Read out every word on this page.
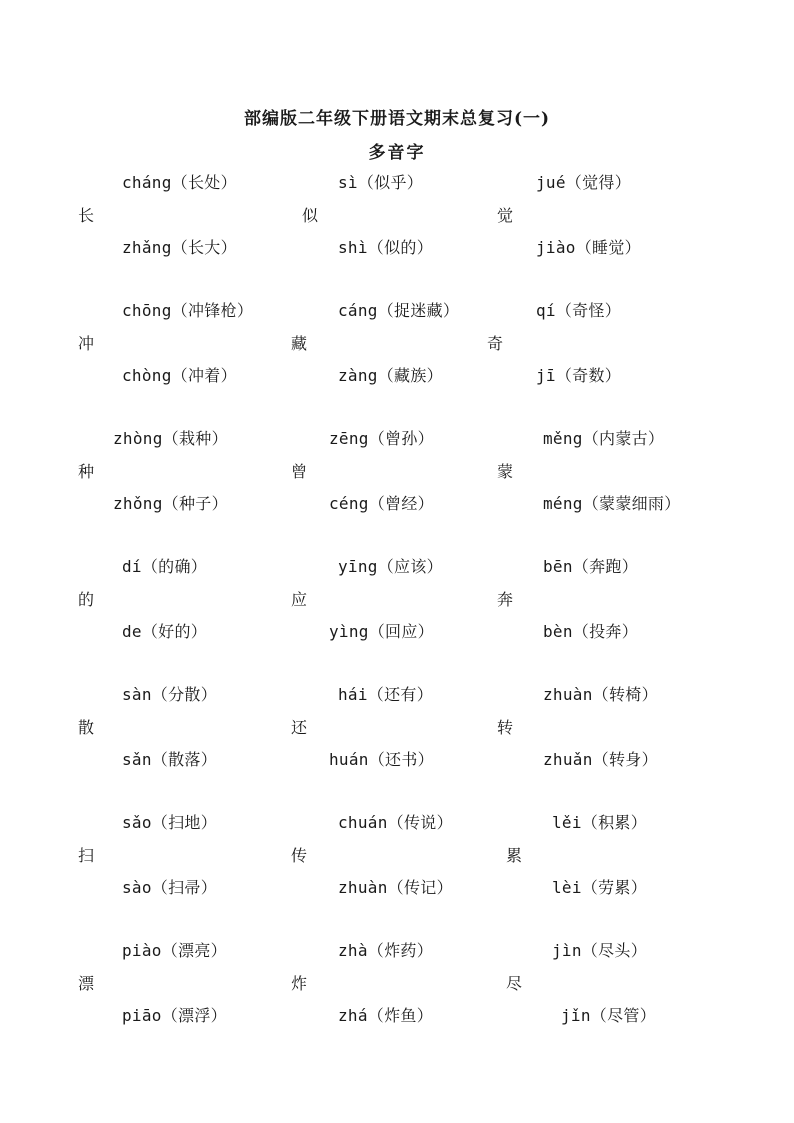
部编版二年级下册语文期末总复习(一)
多音字
cháng（长处）
长
zhǎng（长大）
sì（似乎）
似
shì（似的）
jué（觉得）
觉
jiào（睡觉）
chōng（冲锋枪）
冲
chòng（冲着）
cáng（捉迷藏）
藏
zàng（藏族）
qí（奇怪）
奇
jī（奇数）
zhòng（栽种）
种
zhǒng（种子）
zēng（曾孙）
曾
céng（曾经）
měng（内蒙古）
蒙
méng（蒙蒙细雨）
dí（的确）
的
de（好的）
yīng（应该）
应
yìng（回应）
bēn（奔跑）
奔
bèn（投奔）
sàn（分散）
散
sǎn（散落）
hái（还有）
还
huán（还书）
zhuàn（转椅）
转
zhuǎn（转身）
sǎo（扫地）
扫
sào（扫帚）
chuán（传说）
传
zhuàn（传记）
lěi（积累）
累
lèi（劳累）
piào（漂亮）
漂
piāo（漂浮）
zhà（炸药）
炸
zhá（炸鱼）
jìn（尽头）
尽
jǐn（尽管）
